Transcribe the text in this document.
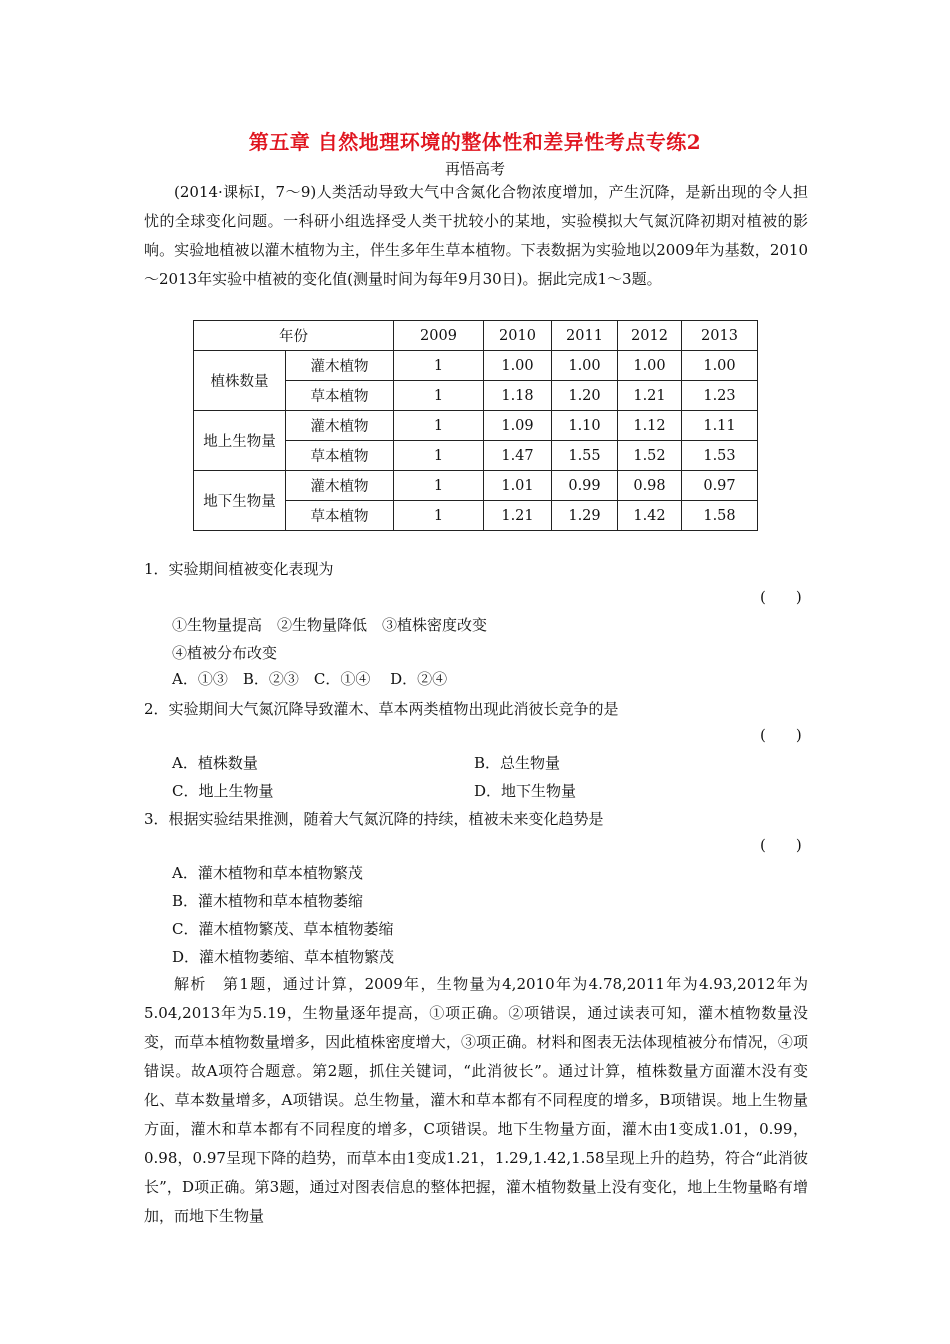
第五章 自然地理环境的整体性和差异性考点专练2
再悟高考
(2014·课标Ⅰ，7～9)人类活动导致大气中含氮化合物浓度增加，产生沉降，是新出现的令人担忧的全球变化问题。一科研小组选择受人类干扰较小的某地，实验模拟大气氮沉降初期对植被的影响。实验地植被以灌木植物为主，伴生多年生草本植物。下表数据为实验地以2009年为基数，2010～2013年实验中植被的变化值(测量时间为每年9月30日)。据此完成1～3题。
年份		2009	2010	2011	2012	2013
植株数量	灌木植物	1	1.00	1.00	1.00	1.00
	草本植物	1	1.18	1.20	1.21	1.23
地上生物量	灌木植物	1	1.09	1.10	1.12	1.11
	草本植物	1	1.47	1.55	1.52	1.53
地下生物量	灌木植物	1	1.01	0.99	0.98	0.97
	草本植物	1	1.21	1.29	1.42	1.58
1．实验期间植被变化表现为
(　　)
①生物量提高　②生物量降低　③植株密度改变
④植被分布改变
A．①③　B．②③　C．①④　 D．②④
2．实验期间大气氮沉降导致灌木、草本两类植物出现此消彼长竞争的是
(　　)
A．植株数量	B．总生物量
C．地上生物量	D．地下生物量
3．根据实验结果推测，随着大气氮沉降的持续，植被未来变化趋势是
(　　)
A．灌木植物和草本植物繁茂
B．灌木植物和草本植物萎缩
C．灌木植物繁茂、草本植物萎缩
D．灌木植物萎缩、草本植物繁茂
解析　第1题，通过计算，2009年，生物量为4,2010年为4.78,2011年为4.93,2012年为5.04,2013年为5.19，生物量逐年提高，①项正确。②项错误，通过读表可知，灌木植物数量没变，而草本植物数量增多，因此植株密度增大，③项正确。材料和图表无法体现植被分布情况，④项错误。故A项符合题意。第2题，抓住关键词，“此消彼长”。通过计算，植株数量方面灌木没有变化、草本数量增多，A项错误。总生物量，灌木和草本都有不同程度的增多，B项错误。地上生物量方面，灌木和草本都有不同程度的增多，C项错误。地下生物量方面，灌木由1变成1.01，0.99，0.98，0.97呈现下降的趋势，而草本由1变成1.21，1.29,1.42,1.58呈现上升的趋势，符合“此消彼长”，D项正确。第3题，通过对图表信息的整体把握，灌木植物数量上没有变化，地上生物量略有增加，而地下生物量
